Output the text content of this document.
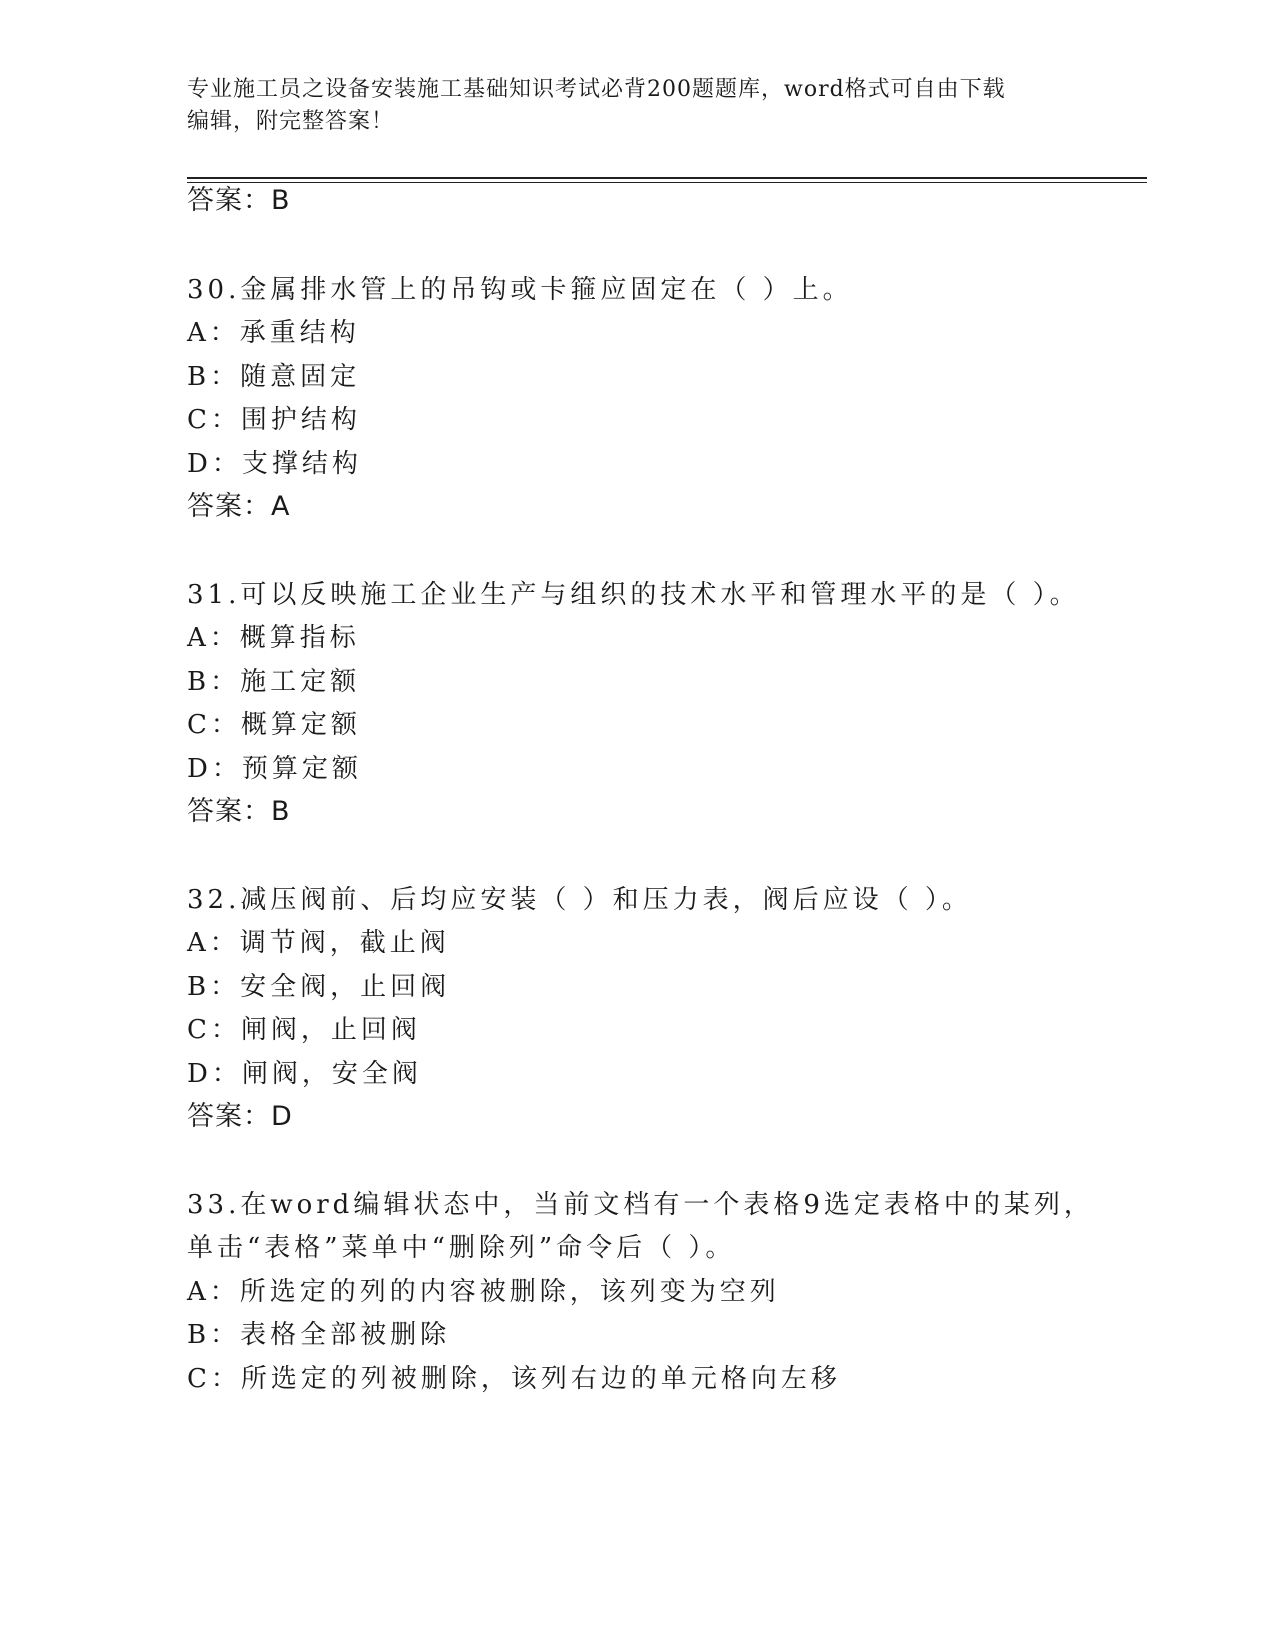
专业施工员之设备安装施工基础知识考试必背200题题库，word格式可自由下载
编辑，附完整答案！
答案：B
30.金属排水管上的吊钩或卡箍应固定在（ ）上。
A：承重结构
B：随意固定
C：围护结构
D：支撑结构
答案：A
31.可以反映施工企业生产与组织的技术水平和管理水平的是（ ）。
A：概算指标
B：施工定额
C：概算定额
D：预算定额
答案：B
32.减压阀前、后均应安装（ ）和压力表，阀后应设（ ）。
A：调节阀，截止阀
B：安全阀，止回阀
C：闸阀，止回阀
D：闸阀，安全阀
答案：D
33.在word编辑状态中，当前文档有一个表格9选定表格中的某列，
单击“表格”菜单中“删除列”命令后（ ）。
A：所选定的列的内容被删除，该列变为空列
B：表格全部被删除
C：所选定的列被删除，该列右边的单元格向左移
